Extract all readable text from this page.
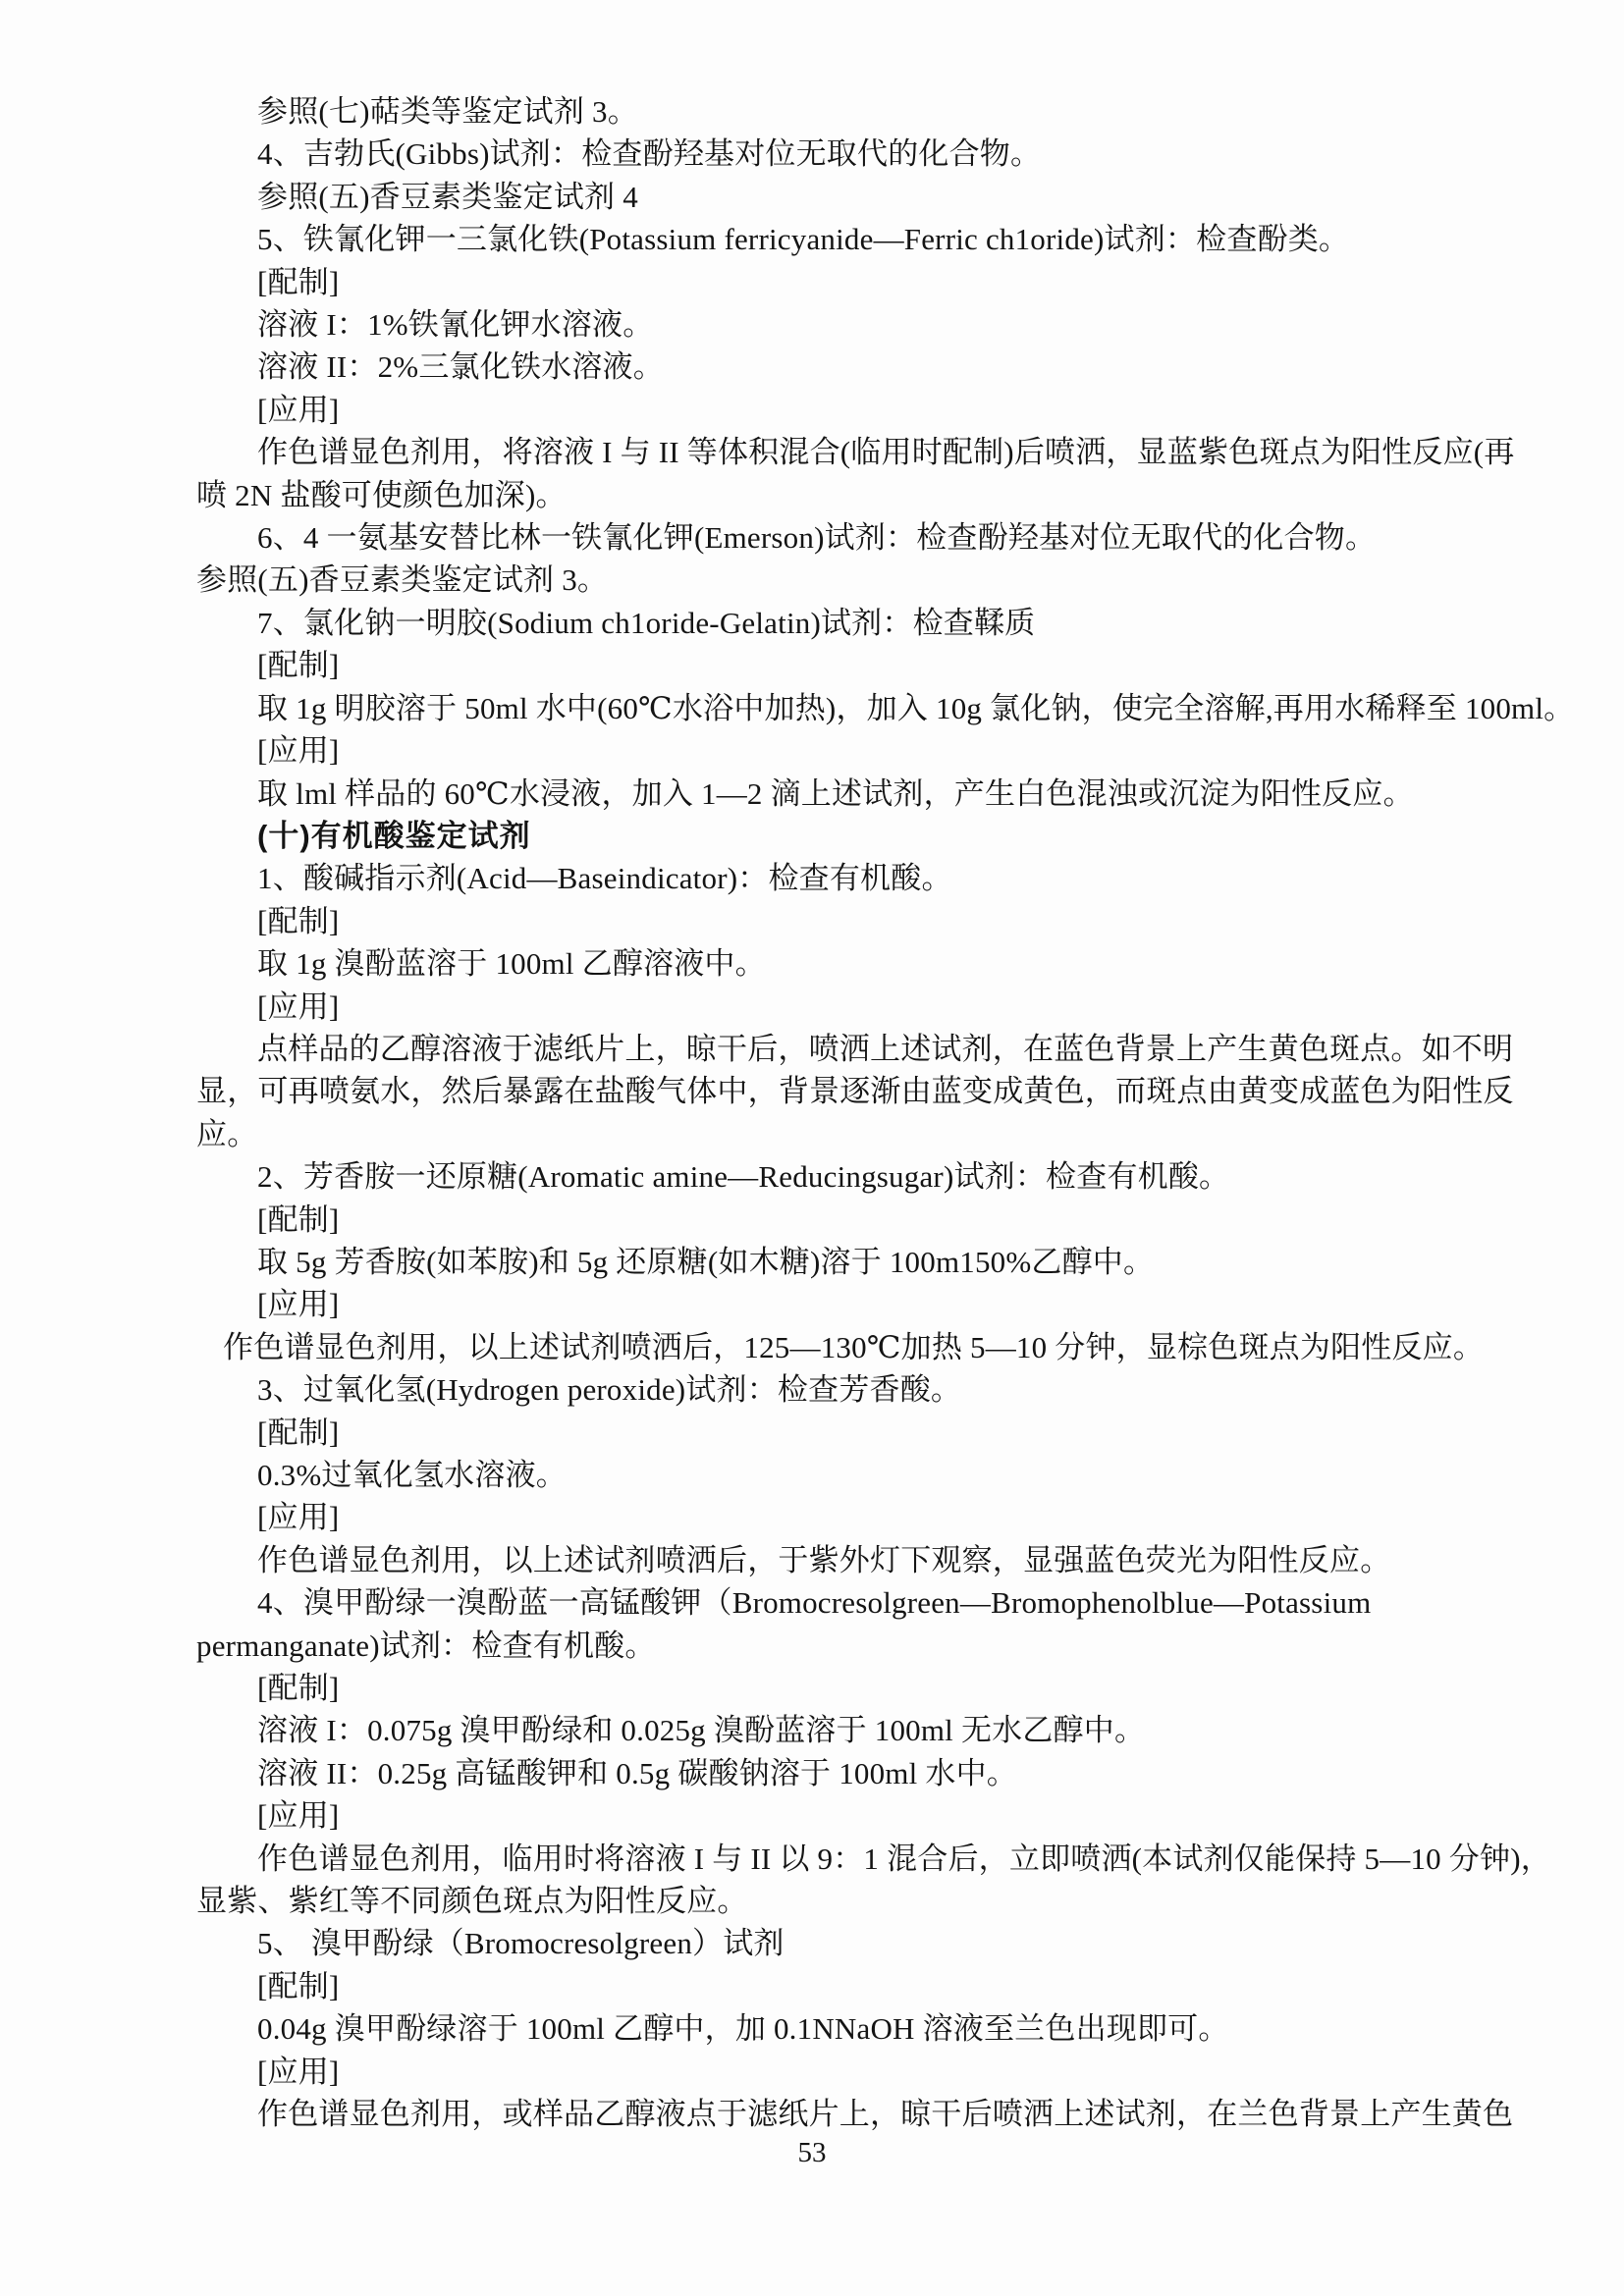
参照(七)萜类等鉴定试剂 3。
4、吉勃氏(Gibbs)试剂：检查酚羟基对位无取代的化合物。
参照(五)香豆素类鉴定试剂 4
5、铁氰化钾一三氯化铁(Potassium ferricyanide—Ferric ch1oride)试剂：检查酚类。
[配制]
溶液 I：1%铁氰化钾水溶液。
溶液 II：2%三氯化铁水溶液。
[应用]
作色谱显色剂用，将溶液 I 与 II 等体积混合(临用时配制)后喷洒，显蓝紫色斑点为阳性反应(再
喷 2N 盐酸可使颜色加深)。
6、4 一氨基安替比林一铁氰化钾(Emerson)试剂：检查酚羟基对位无取代的化合物。
参照(五)香豆素类鉴定试剂 3。
7、氯化钠一明胶(Sodium ch1oride-Gelatin)试剂：检查鞣质
[配制]
取 1g 明胶溶于 50ml 水中(60℃水浴中加热)，加入 10g 氯化钠，使完全溶解,再用水稀释至 100ml。
[应用]
取 lml 样品的 60℃水浸液，加入 1—2 滴上述试剂，产生白色混浊或沉淀为阳性反应。
(十)有机酸鉴定试剂
1、酸碱指示剂(Acid—Baseindicator)：检查有机酸。
[配制]
取 1g 溴酚蓝溶于 100ml 乙醇溶液中。
[应用]
点样品的乙醇溶液于滤纸片上，晾干后，喷洒上述试剂，在蓝色背景上产生黄色斑点。如不明
显，可再喷氨水，然后暴露在盐酸气体中，背景逐渐由蓝变成黄色，而斑点由黄变成蓝色为阳性反
应。
2、芳香胺一还原糖(Aromatic amine—Reducingsugar)试剂：检查有机酸。
[配制]
取 5g 芳香胺(如苯胺)和 5g 还原糖(如木糖)溶于 100m150%乙醇中。
[应用]
作色谱显色剂用，以上述试剂喷洒后，125—130℃加热 5—10 分钟，显棕色斑点为阳性反应。
3、过氧化氢(Hydrogen peroxide)试剂：检查芳香酸。
[配制]
0.3%过氧化氢水溶液。
[应用]
作色谱显色剂用，以上述试剂喷洒后，于紫外灯下观察，显强蓝色荧光为阳性反应。
4、溴甲酚绿一溴酚蓝一高锰酸钾（Bromocresolgreen—Bromophenolblue—Potassium
permanganate)试剂：检查有机酸。
[配制]
溶液 I：0.075g 溴甲酚绿和 0.025g 溴酚蓝溶于 100ml 无水乙醇中。
溶液 II：0.25g 高锰酸钾和 0.5g 碳酸钠溶于 100ml 水中。
[应用]
作色谱显色剂用，临用时将溶液 I 与 II 以 9：1 混合后，立即喷洒(本试剂仅能保持 5—10 分钟)，
显紫、紫红等不同颜色斑点为阳性反应。
5、 溴甲酚绿（Bromocresolgreen）试剂
[配制]
0.04g 溴甲酚绿溶于 100ml 乙醇中，加 0.1NNaOH 溶液至兰色出现即可。
[应用]
作色谱显色剂用，或样品乙醇液点于滤纸片上，晾干后喷洒上述试剂，在兰色背景上产生黄色
53
